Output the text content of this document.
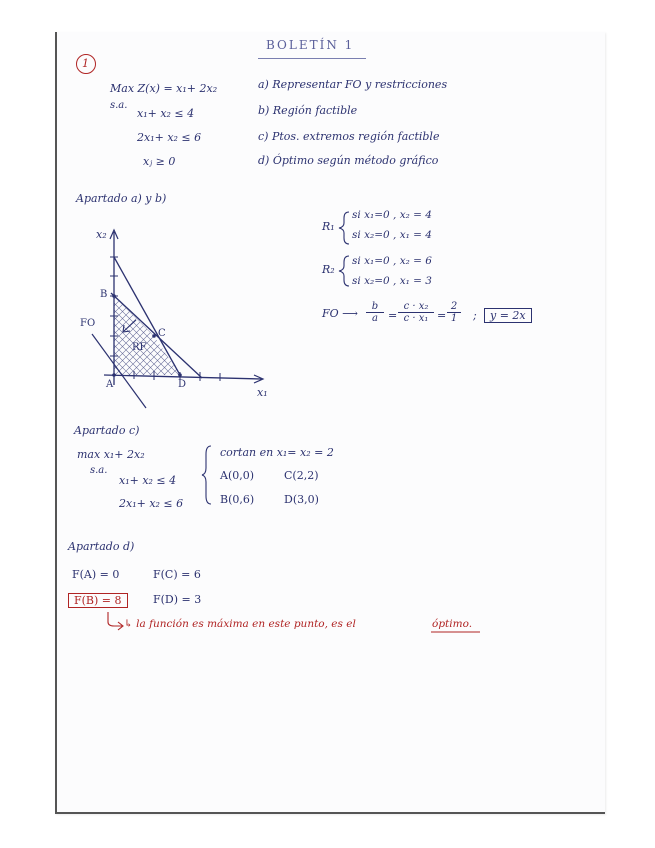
BOLETÍN 1
1
Max Z(x) = x₁+ 2x₂
s.a.
x₁+ x₂ ≤ 4
2x₁+ x₂ ≤ 6
xⱼ ≥ 0
a) Representar FO y restricciones
b) Región factible
c) Ptos. extremos región factible
d) Óptimo según método gráfico
Apartado a) y b)
x₂
x₁
A
B
C
D
RF
FO
R₁
si x₁=0 , x₂ = 4
si x₂=0 , x₁ = 4
R₂
si x₁=0 , x₂ = 6
si x₂=0 , x₁ = 3
FO ⟶ $\frac{b}{a} = \frac{\text{c · x₂}}{\text{c · x₁}} = \frac{2}{1}$ ;	y = 2x
Apartado c)
max x₁+ 2x₂
s.a.
x₁+ x₂ ≤ 4
2x₁+ x₂ ≤ 6
cortan en x₁= x₂ = 2
A(0,0)	C(2,2)
B(0,6)	D(3,0)
Apartado d)
F(A) = 0	F(C) = 6
F(B) = 8	F(D) = 3
↳ la función es máxima en este punto, es el	óptimo.
